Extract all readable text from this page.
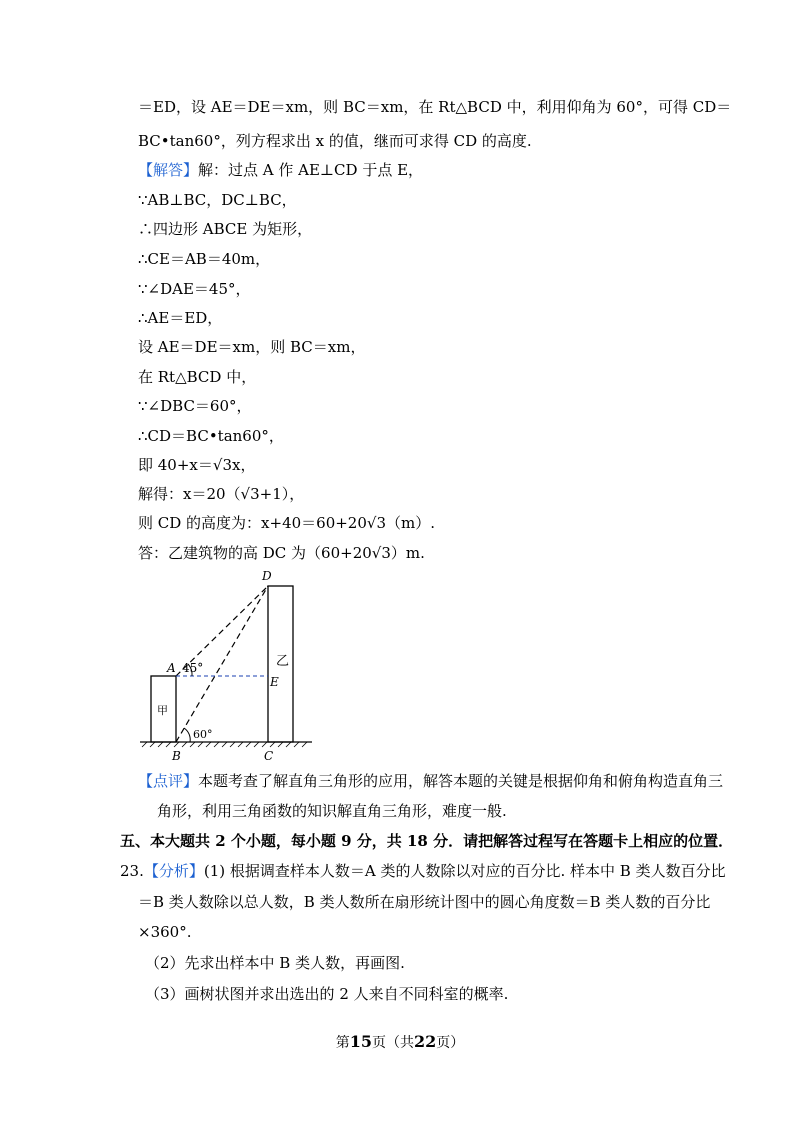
＝ED，设 AE＝DE＝xm，则 BC＝xm，在 Rt△BCD 中，利用仰角为 60°，可得 CD＝
BC•tan60°，列方程求出 x 的值，继而可求得 CD 的高度.
【解答】解：过点 A 作 AE⊥CD 于点 E，
∵AB⊥BC，DC⊥BC，
∴四边形 ABCE 为矩形，
∴CE＝AB＝40m，
∵∠DAE＝45°，
∴AE＝ED，
设 AE＝DE＝xm，则 BC＝xm，
在 Rt△BCD 中，
∵∠DBC＝60°，
∴CD＝BC•tan60°，
即 40+x＝√3x，
解得：x＝20（√3+1），
则 CD 的高度为：x+40＝60+20√3（m）.
答：乙建筑物的高 DC 为（60+20√3）m.
D
A
E
B	C
甲
乙
45°
60°
【点评】本题考查了解直角三角形的应用，解答本题的关键是根据仰角和俯角构造直角三
角形，利用三角函数的知识解直角三角形，难度一般.
五、本大题共 2 个小题，每小题 9 分，共 18 分．请把解答过程写在答题卡上相应的位置．
23.【分析】(1) 根据调查样本人数＝A 类的人数除以对应的百分比. 样本中 B 类人数百分比
＝B 类人数除以总人数，B 类人数所在扇形统计图中的圆心角度数＝B 类人数的百分比
×360°.
（2）先求出样本中 B 类人数，再画图.
（3）画树状图并求出选出的 2 人来自不同科室的概率.
第15页（共22页）
